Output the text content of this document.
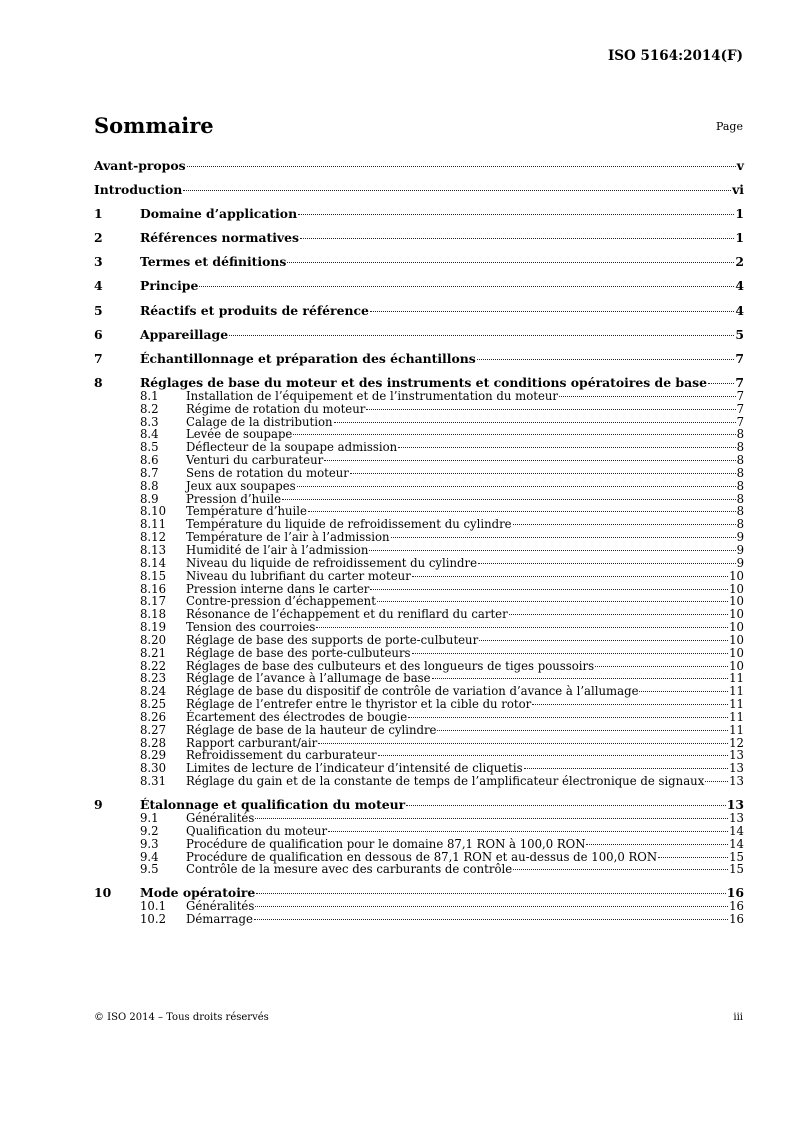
ISO 5164:2014(F)
Sommaire	Page
Avant-propos	v
Introduction	vi
1	Domaine d’application	1
2	Références normatives	1
3	Termes et définitions	2
4	Principe	4
5	Réactifs et produits de référence	4
6	Appareillage	5
7	Échantillonnage et préparation des échantillons	7
8	Réglages de base du moteur et des instruments et conditions opératoires de base 7
8.1	Installation de l’équipement et de l’instrumentation du moteur	7
8.2	Régime de rotation du moteur	7
8.3	Calage de la distribution	7
8.4	Levée de soupape	8
8.5	Déflecteur de la soupape admission	8
8.6	Venturi du carburateur	8
8.7	Sens de rotation du moteur	8
8.8	Jeux aux soupapes	8
8.9	Pression d’huile	8
8.10	Température d’huile	8
8.11	Température du liquide de refroidissement du cylindre	8
8.12	Température de l’air à l’admission	9
8.13	Humidité de l’air à l’admission	9
8.14	Niveau du liquide de refroidissement du cylindre	9
8.15	Niveau du lubrifiant du carter moteur	10
8.16	Pression interne dans le carter	10
8.17	Contre-pression d’échappement	10
8.18	Résonance de l’échappement et du reniflard du carter	10
8.19	Tension des courroies	10
8.20	Réglage de base des supports de porte-culbuteur	10
8.21	Réglage de base des porte-culbuteurs	10
8.22	Réglages de base des culbuteurs et des longueurs de tiges poussoirs	10
8.23	Réglage de l’avance à l’allumage de base	11
8.24	Réglage de base du dispositif de contrôle de variation d’avance à l’allumage	11
8.25	Réglage de l’entrefer entre le thyristor et la cible du rotor	11
8.26	Écartement des électrodes de bougie	11
8.27	Réglage de base de la hauteur de cylindre	11
8.28	Rapport carburant/air	12
8.29	Refroidissement du carburateur	13
8.30	Limites de lecture de l’indicateur d’intensité de cliquetis	13
8.31	Réglage du gain et de la constante de temps de l’amplificateur électronique de signaux 13
9	Étalonnage et qualification du moteur	13
9.1	Généralités	13
9.2	Qualification du moteur	14
9.3	Procédure de qualification pour le domaine 87,1 RON à 100,0 RON	14
9.4	Procédure de qualification en dessous de 87,1 RON et au-dessus de 100,0 RON	15
9.5	Contrôle de la mesure avec des carburants de contrôle	15
10	Mode opératoire	16
10.1	Généralités	16
10.2	Démarrage	16
© ISO 2014 – Tous droits réservés	iii
